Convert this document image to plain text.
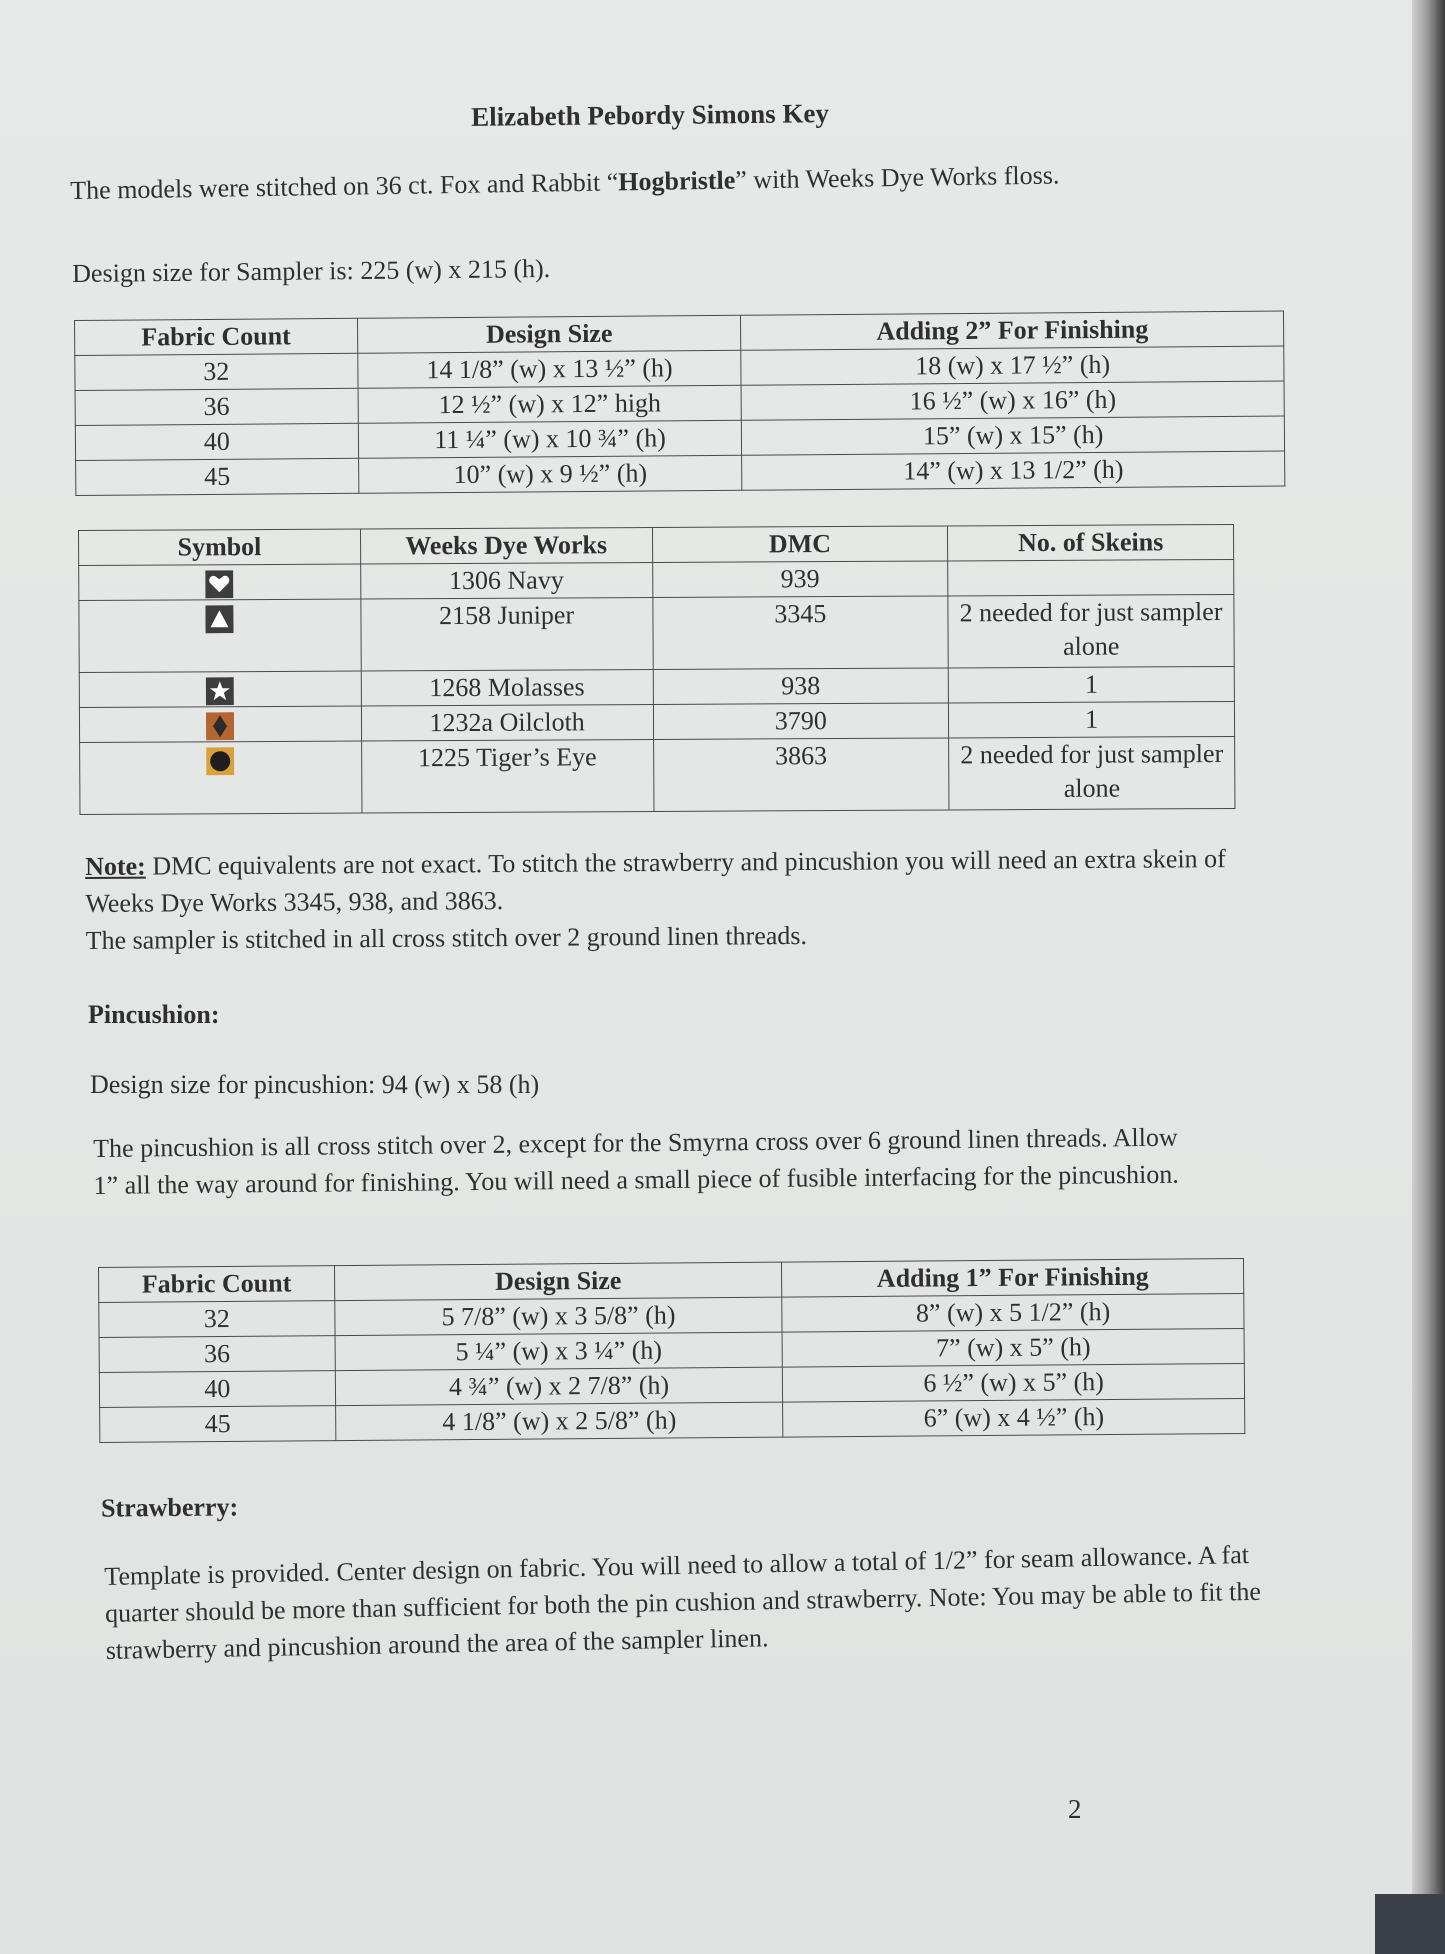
Elizabeth Pebordy Simons Key
The models were stitched on 36 ct. Fox and Rabbit “Hogbristle” with Weeks Dye Works floss.
Design size for Sampler is: 225 (w) x 215 (h).
Fabric Count	Design Size	Adding 2” For Finishing
32	14 1/8” (w) x 13 ½” (h)	18 (w) x 17 ½” (h)
36	12 ½” (w) x 12” high	16 ½” (w) x 16” (h)
40	11 ¼” (w) x 10 ¾” (h)	15” (w) x 15” (h)
45	10” (w) x 9 ½” (h)	14” (w) x 13 1/2” (h)
Symbol	Weeks Dye Works	DMC	No. of Skeins
	1306 Navy	939	
	2158 Juniper	3345	2 needed for just sampler alone
	1268 Molasses	938	1
	1232a Oilcloth	3790	1
	1225 Tiger’s Eye	3863	2 needed for just sampler alone
Note: DMC equivalents are not exact. To stitch the strawberry and pincushion you will need an extra skein of Weeks Dye Works 3345, 938, and 3863.
The sampler is stitched in all cross stitch over 2 ground linen threads.
Pincushion:
Design size for pincushion: 94 (w) x 58 (h)
The pincushion is all cross stitch over 2, except for the Smyrna cross over 6 ground linen threads. Allow 1” all the way around for finishing. You will need a small piece of fusible interfacing for the pincushion.
Fabric Count	Design Size	Adding 1” For Finishing
32	5 7/8” (w) x 3 5/8” (h)	8” (w) x 5 1/2” (h)
36	5 ¼” (w) x 3 ¼” (h)	7” (w) x 5” (h)
40	4 ¾” (w) x 2 7/8” (h)	6 ½” (w) x 5” (h)
45	4 1/8” (w) x 2 5/8” (h)	6” (w) x 4 ½” (h)
Strawberry:
Template is provided. Center design on fabric. You will need to allow a total of 1/2” for seam allowance. A fat quarter should be more than sufficient for both the pin cushion and strawberry. Note: You may be able to fit the strawberry and pincushion around the area of the sampler linen.
2
